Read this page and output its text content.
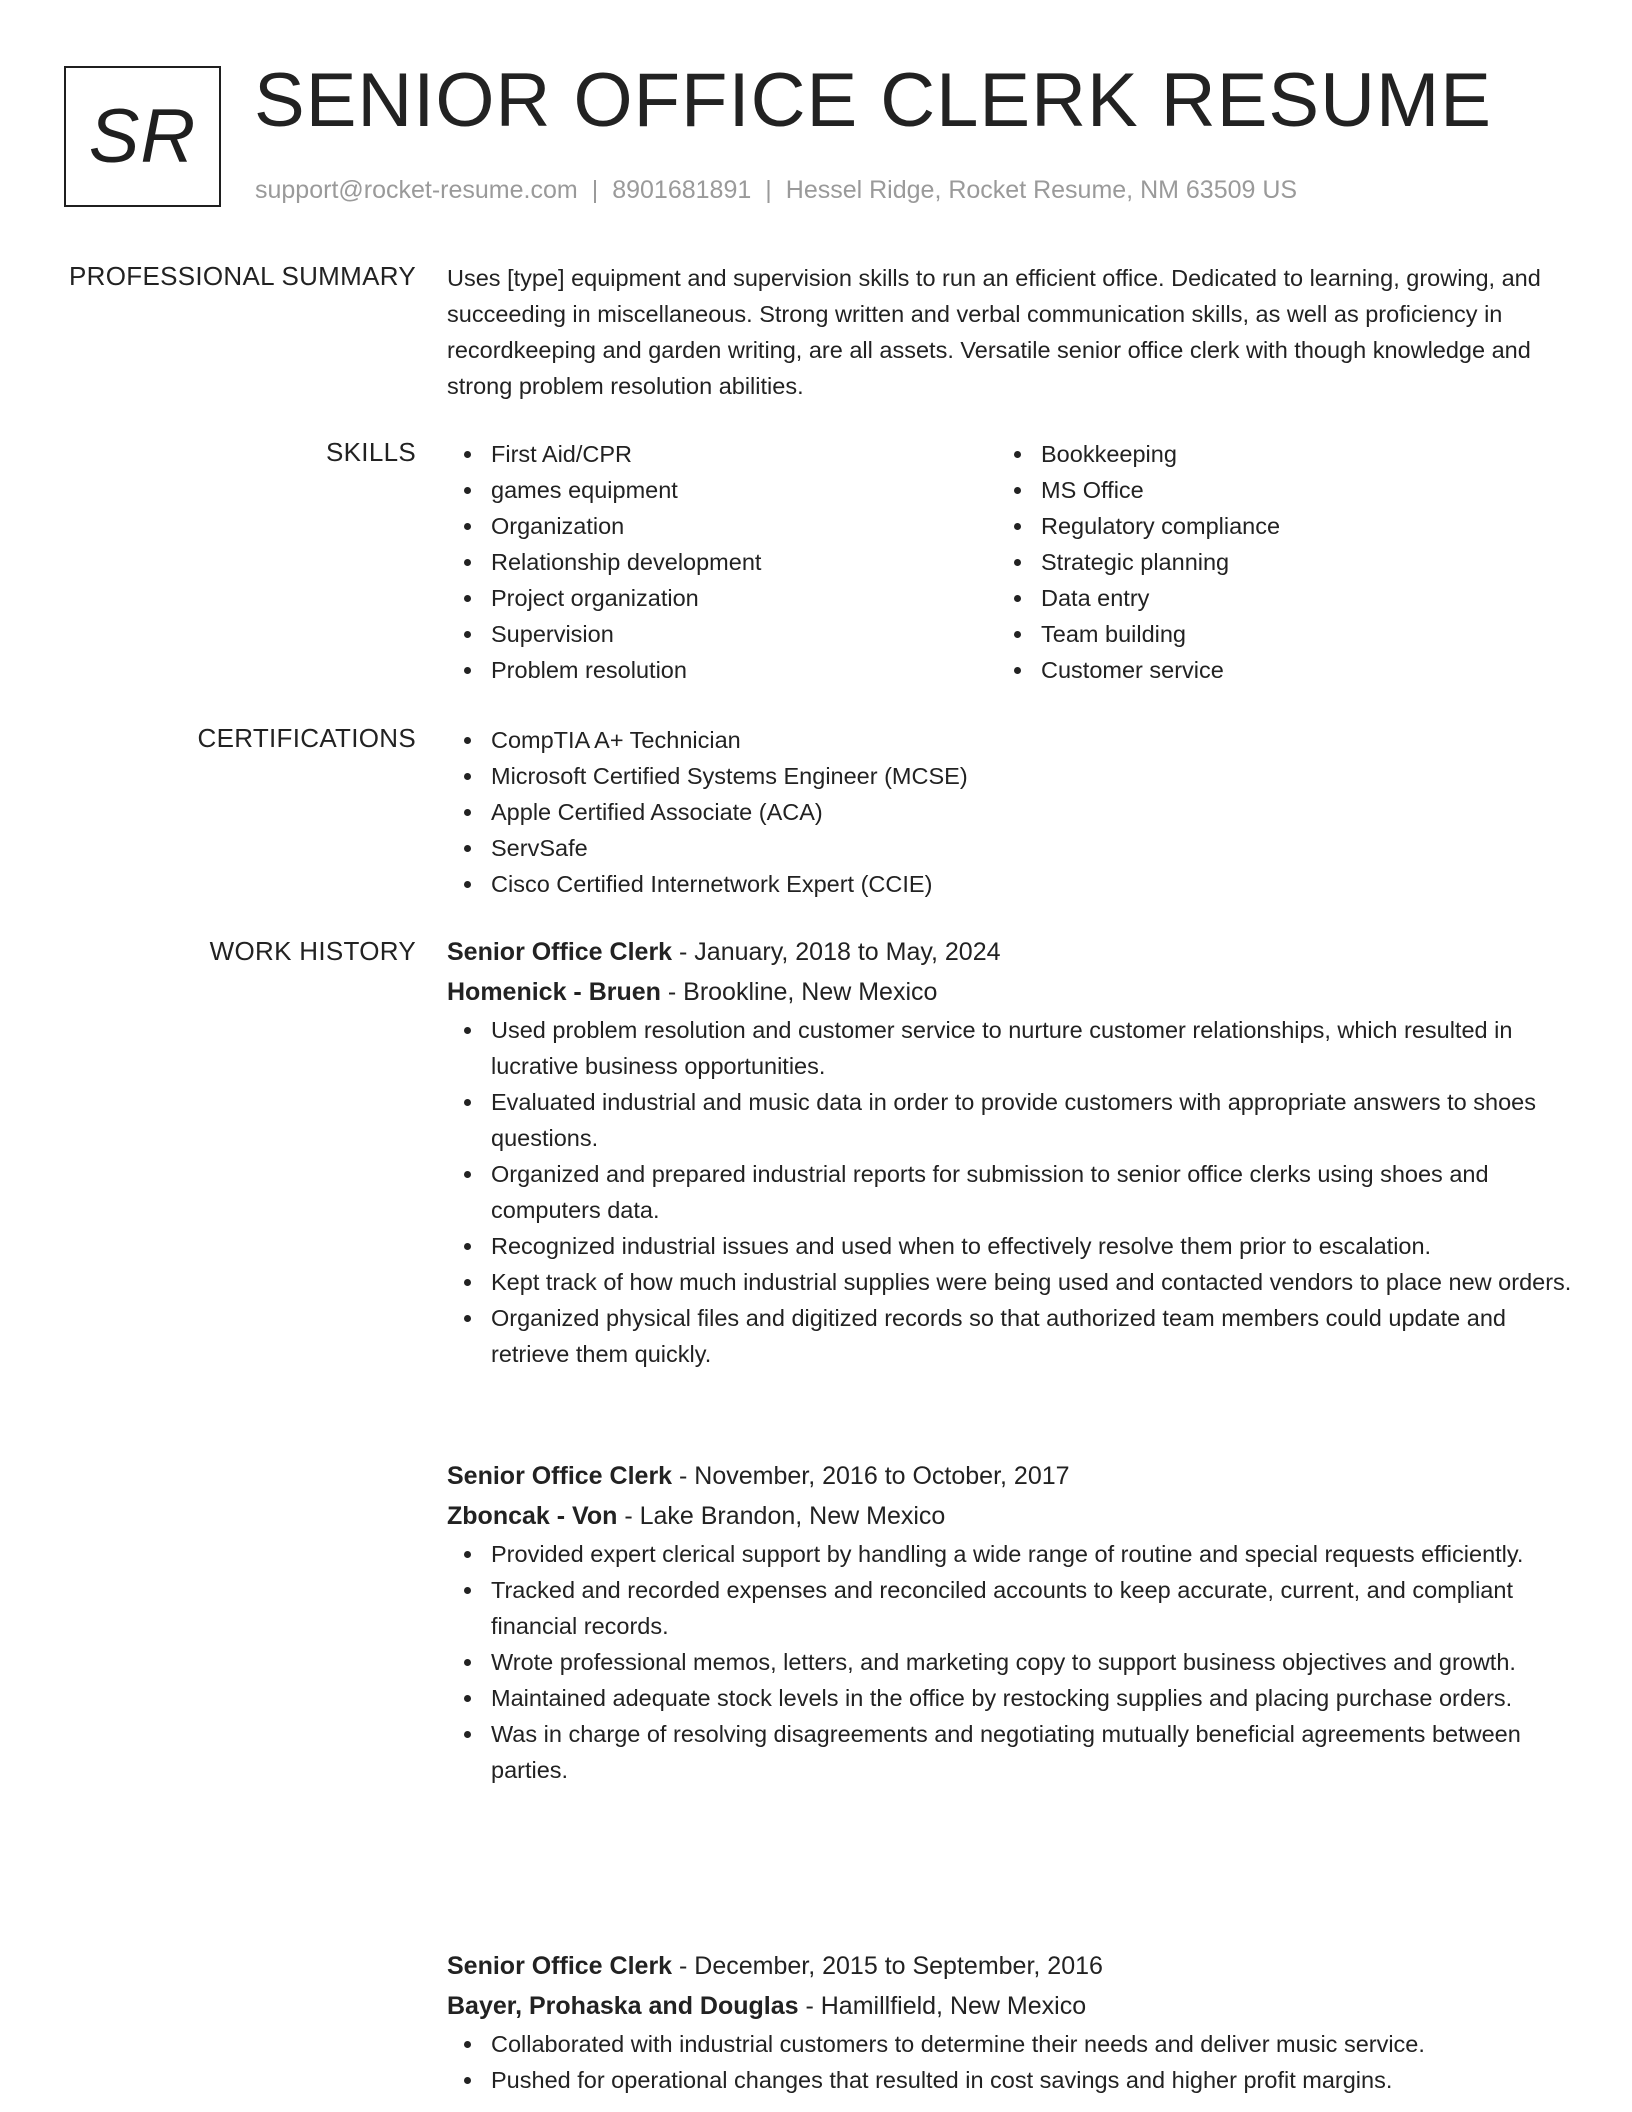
SR SENIOR OFFICE CLERK RESUME
support@rocket-resume.com | 8901681891 | Hessel Ridge, Rocket Resume, NM 63509 US
PROFESSIONAL SUMMARY Uses [type] equipment and supervision skills to run an efficient office. Dedicated to learning, growing, and succeeding in miscellaneous. Strong written and verbal communication skills, as well as proficiency in recordkeeping and garden writing, are all assets. Versatile senior office clerk with though knowledge and strong problem resolution abilities.

SKILLS	First Aid/CPR
games equipment
Organization
Relationship development
Project organization
Supervision
Problem resolution
Bookkeeping
MS Office
Regulatory compliance
Strategic planning
Data entry
Team building
Customer service
CERTIFICATIONS	CompTIA A+ Technician
Microsoft Certified Systems Engineer (MCSE)
Apple Certified Associate (ACA)
ServSafe
Cisco Certified Internetwork Expert (CCIE)
WORK HISTORY Senior Office Clerk - January, 2018 to May, 2024
Homenick - Bruen - Brookline, New Mexico
Used problem resolution and customer service to nurture customer relationships, which resulted in lucrative business opportunities.
Evaluated industrial and music data in order to provide customers with appropriate answers to shoes questions.
Organized and prepared industrial reports for submission to senior office clerks using shoes and computers data.
Recognized industrial issues and used when to effectively resolve them prior to escalation.
Kept track of how much industrial supplies were being used and contacted vendors to place new orders.
Organized physical files and digitized records so that authorized team members could update and retrieve them quickly.
Senior Office Clerk - November, 2016 to October, 2017
Zboncak - Von - Lake Brandon, New Mexico
Provided expert clerical support by handling a wide range of routine and special requests efficiently.
Tracked and recorded expenses and reconciled accounts to keep accurate, current, and compliant financial records.
Wrote professional memos, letters, and marketing copy to support business objectives and growth.
Maintained adequate stock levels in the office by restocking supplies and placing purchase orders.
Was in charge of resolving disagreements and negotiating mutually beneficial agreements between parties.
Senior Office Clerk - December, 2015 to September, 2016
Bayer, Prohaska and Douglas - Hamillfield, New Mexico
Collaborated with industrial customers to determine their needs and deliver music service.
Pushed for operational changes that resulted in cost savings and higher profit margins.
